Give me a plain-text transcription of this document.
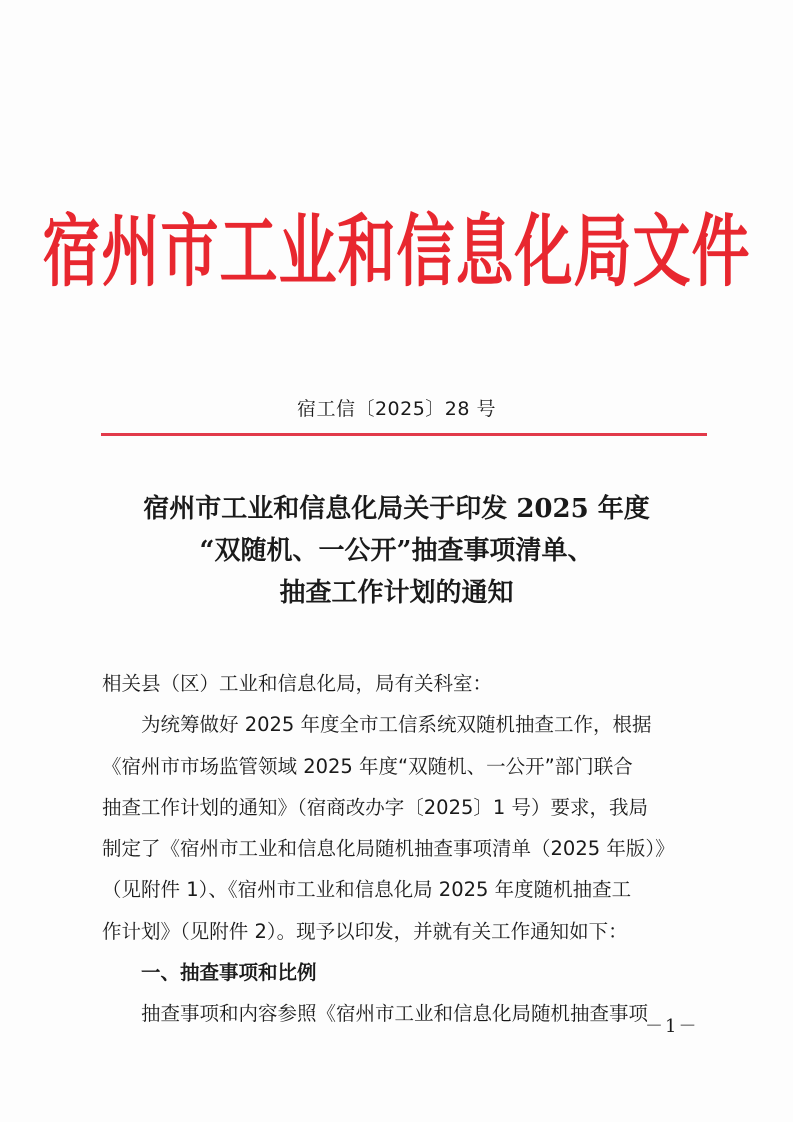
宿州市工业和信息化局文件
宿工信〔2025〕28 号
宿州市工业和信息化局关于印发 2025 年度
“双随机、一公开”抽查事项清单、
抽查工作计划的通知
相关县（区）工业和信息化局，局有关科室：
为统筹做好 2025 年度全市工信系统双随机抽查工作，根据
《宿州市市场监管领域 2025 年度“双随机、一公开”部门联合
抽查工作计划的通知》（宿商改办字〔2025〕1 号）要求，我局
制定了《宿州市工业和信息化局随机抽查事项清单（2025 年版）》
（见附件 1）、《宿州市工业和信息化局 2025 年度随机抽查工
作计划》（见附件 2）。现予以印发，并就有关工作通知如下：
一、抽查事项和比例
抽查事项和内容参照《宿州市工业和信息化局随机抽查事项
－1－
